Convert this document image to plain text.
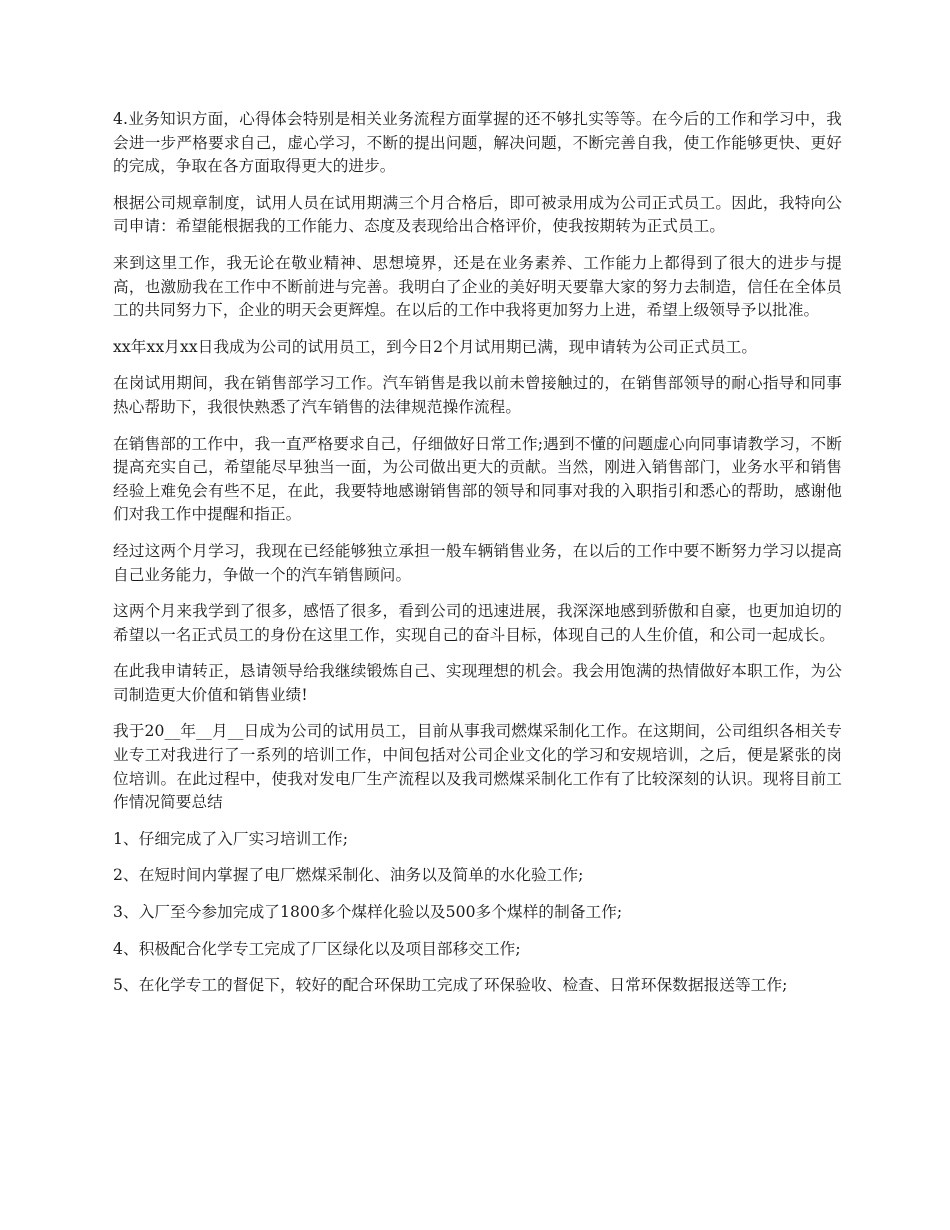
4.业务知识方面，心得体会特别是相关业务流程方面掌握的还不够扎实等等。在今后的工作和学习中，我会进一步严格要求自己，虚心学习，不断的提出问题，解决问题，不断完善自我，使工作能够更快、更好的完成，争取在各方面取得更大的进步。

根据公司规章制度，试用人员在试用期满三个月合格后，即可被录用成为公司正式员工。因此，我特向公司申请：希望能根据我的工作能力、态度及表现给出合格评价，使我按期转为正式员工。

来到这里工作，我无论在敬业精神、思想境界，还是在业务素养、工作能力上都得到了很大的进步与提高，也激励我在工作中不断前进与完善。我明白了企业的美好明天要靠大家的努力去制造，信任在全体员工的共同努力下，企业的明天会更辉煌。在以后的工作中我将更加努力上进，希望上级领导予以批准。

xx年xx月xx日我成为公司的试用员工，到今日2个月试用期已满，现申请转为公司正式员工。

在岗试用期间，我在销售部学习工作。汽车销售是我以前未曾接触过的，在销售部领导的耐心指导和同事热心帮助下，我很快熟悉了汽车销售的法律规范操作流程。

在销售部的工作中，我一直严格要求自己，仔细做好日常工作;遇到不懂的问题虚心向同事请教学习，不断提高充实自己，希望能尽早独当一面，为公司做出更大的贡献。当然，刚进入销售部门，业务水平和销售经验上难免会有些不足，在此，我要特地感谢销售部的领导和同事对我的入职指引和悉心的帮助，感谢他们对我工作中提醒和指正。

经过这两个月学习，我现在已经能够独立承担一般车辆销售业务，在以后的工作中要不断努力学习以提高自己业务能力，争做一个的汽车销售顾问。

这两个月来我学到了很多，感悟了很多，看到公司的迅速进展，我深深地感到骄傲和自豪，也更加迫切的希望以一名正式员工的身份在这里工作，实现自己的奋斗目标，体现自己的人生价值，和公司一起成长。

在此我申请转正，恳请领导给我继续锻炼自己、实现理想的机会。我会用饱满的热情做好本职工作，为公司制造更大价值和销售业绩!

我于20__年__月__日成为公司的试用员工，目前从事我司燃煤采制化工作。在这期间，公司组织各相关专业专工对我进行了一系列的培训工作，中间包括对公司企业文化的学习和安规培训，之后，便是紧张的岗位培训。在此过程中，使我对发电厂生产流程以及我司燃煤采制化工作有了比较深刻的认识。现将目前工作情况简要总结

1、仔细完成了入厂实习培训工作;

2、在短时间内掌握了电厂燃煤采制化、油务以及简单的水化验工作;

3、入厂至今参加完成了1800多个煤样化验以及500多个煤样的制备工作;

4、积极配合化学专工完成了厂区绿化以及项目部移交工作;

5、在化学专工的督促下，较好的配合环保助工完成了环保验收、检查、日常环保数据报送等工作;
